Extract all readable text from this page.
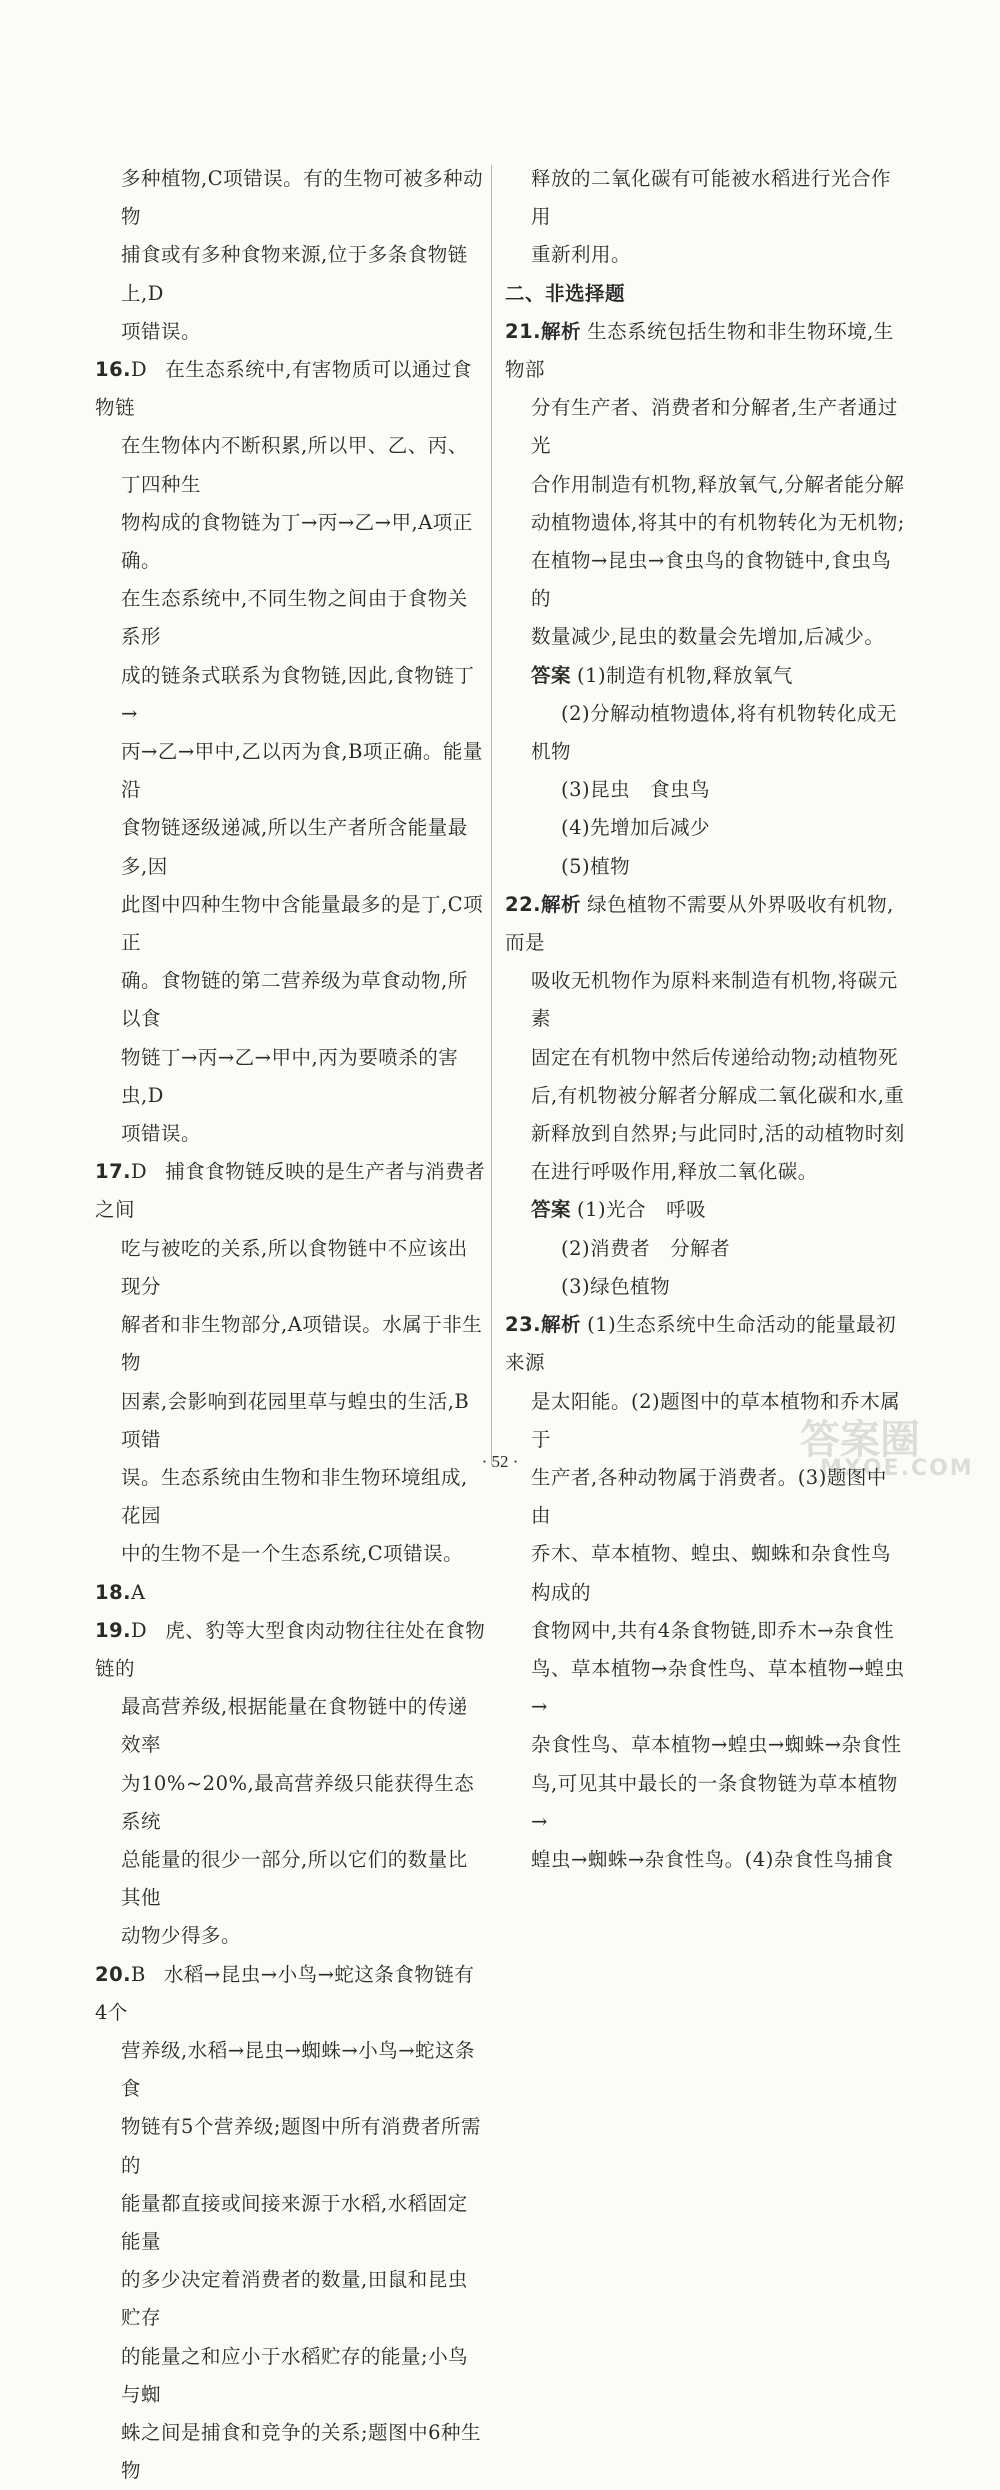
多种植物,C项错误。有的生物可被多种动物

捕食或有多种食物来源,位于多条食物链上,D

项错误。

16.D 在生态系统中,有害物质可以通过食物链

在生物体内不断积累,所以甲、乙、丙、丁四种生

物构成的食物链为丁→丙→乙→甲,A项正确。

在生态系统中,不同生物之间由于食物关系形

成的链条式联系为食物链,因此,食物链丁→

丙→乙→甲中,乙以丙为食,B项正确。能量沿

食物链逐级递减,所以生产者所含能量最多,因

此图中四种生物中含能量最多的是丁,C项正

确。食物链的第二营养级为草食动物,所以食

物链丁→丙→乙→甲中,丙为要喷杀的害虫,D

项错误。

17.D 捕食食物链反映的是生产者与消费者之间

吃与被吃的关系,所以食物链中不应该出现分

解者和非生物部分,A项错误。水属于非生物

因素,会影响到花园里草与蝗虫的生活,B项错

误。生态系统由生物和非生物环境组成,花园

中的生物不是一个生态系统,C项错误。

18.A

19.D 虎、豹等大型食肉动物往往处在食物链的

最高营养级,根据能量在食物链中的传递效率

为10%~20%,最高营养级只能获得生态系统

总能量的很少一部分,所以它们的数量比其他

动物少得多。

20.B 水稻→昆虫→小鸟→蛇这条食物链有4个

营养级,水稻→昆虫→蜘蛛→小鸟→蛇这条食

物链有5个营养级;题图中所有消费者所需的

能量都直接或间接来源于水稻,水稻固定能量

的多少决定着消费者的数量,田鼠和昆虫贮存

的能量之和应小于水稻贮存的能量;小鸟与蜘

蛛之间是捕食和竞争的关系;题图中6种生物

释放的二氧化碳有可能被水稻进行光合作用

重新利用。

二、非选择题

21.解析 生态系统包括生物和非生物环境,生物部

分有生产者、消费者和分解者,生产者通过光

合作用制造有机物,释放氧气,分解者能分解

动植物遗体,将其中的有机物转化为无机物;

在植物→昆虫→食虫鸟的食物链中,食虫鸟的

数量减少,昆虫的数量会先增加,后减少。

答案 (1)制造有机物,释放氧气

(2)分解动植物遗体,将有机物转化成无

机物

(3)昆虫　食虫鸟

(4)先增加后减少

(5)植物

22.解析 绿色植物不需要从外界吸收有机物,而是

吸收无机物作为原料来制造有机物,将碳元素

固定在有机物中然后传递给动物;动植物死

后,有机物被分解者分解成二氧化碳和水,重

新释放到自然界;与此同时,活的动植物时刻

在进行呼吸作用,释放二氧化碳。

答案 (1)光合　呼吸

(2)消费者　分解者

(3)绿色植物

23.解析 (1)生态系统中生命活动的能量最初来源

是太阳能。(2)题图中的草本植物和乔木属于

生产者,各种动物属于消费者。(3)题图中由

乔木、草本植物、蝗虫、蜘蛛和杂食性鸟构成的

食物网中,共有4条食物链,即乔木→杂食性

鸟、草本植物→杂食性鸟、草本植物→蝗虫→

杂食性鸟、草本植物→蝗虫→蜘蛛→杂食性

鸟,可见其中最长的一条食物链为草本植物→

蝗虫→蜘蛛→杂食性鸟。(4)杂食性鸟捕食

· 52 ·	答案圈
MXQE.COM
